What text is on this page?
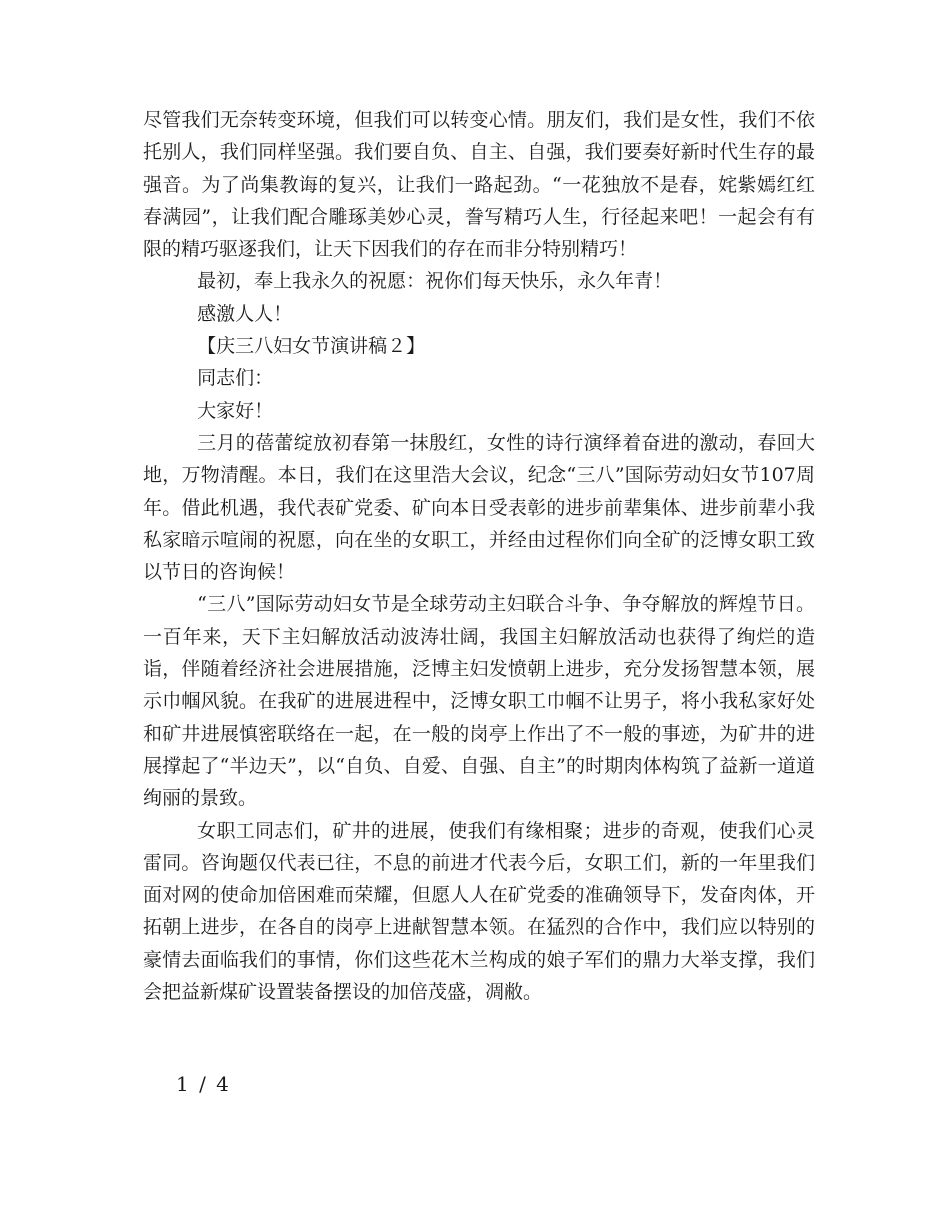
尽管我们无奈转变环境，但我们可以转变心情。朋友们，我们是女性，我们不依托别人，我们同样坚强。我们要自负、自主、自强，我们要奏好新时代生存的最强音。为了尚集教诲的复兴，让我们一路起劲。“一花独放不是春，姹紫嫣红红春满园”，让我们配合雕琢美妙心灵，誊写精巧人生，行径起来吧！一起会有有限的精巧驱逐我们，让天下因我们的存在而非分特别精巧！

最初，奉上我永久的祝愿：祝你们每天快乐，永久年青！

感激人人！

【庆三八妇女节演讲稿２】

同志们：

大家好！

三月的蓓蕾绽放初春第一抹殷红，女性的诗行演绎着奋进的激动，春回大地，万物清醒。本日，我们在这里浩大会议，纪念“三八”国际劳动妇女节107周年。借此机遇，我代表矿党委、矿向本日受表彰的进步前辈集体、进步前辈小我私家暗示喧闹的祝愿，向在坐的女职工，并经由过程你们向全矿的泛博女职工致以节日的咨询候！

“三八”国际劳动妇女节是全球劳动主妇联合斗争、争夺解放的辉煌节日。一百年来，天下主妇解放活动波涛壮阔，我国主妇解放活动也获得了绚烂的造诣，伴随着经济社会进展措施，泛博主妇发愤朝上进步，充分发扬智慧本领，展示巾帼风貌。在我矿的进展进程中，泛博女职工巾帼不让男子，将小我私家好处和矿井进展慎密联络在一起，在一般的岗亭上作出了不一般的事迹，为矿井的进展撑起了“半边天”，以“自负、自爱、自强、自主”的时期肉体构筑了益新一道道绚丽的景致。

女职工同志们，矿井的进展，使我们有缘相聚；进步的奇观，使我们心灵雷同。咨询题仅代表已往，不息的前进才代表今后，女职工们，新的一年里我们面对网的使命加倍困难而荣耀，但愿人人在矿党委的准确领导下，发奋肉体，开拓朝上进步，在各自的岗亭上进献智慧本领。在猛烈的合作中，我们应以特别的豪情去面临我们的事情，你们这些花木兰构成的娘子军们的鼎力大举支撑，我们会把益新煤矿设置装备摆设的加倍茂盛，凋敝。

1 / 4
